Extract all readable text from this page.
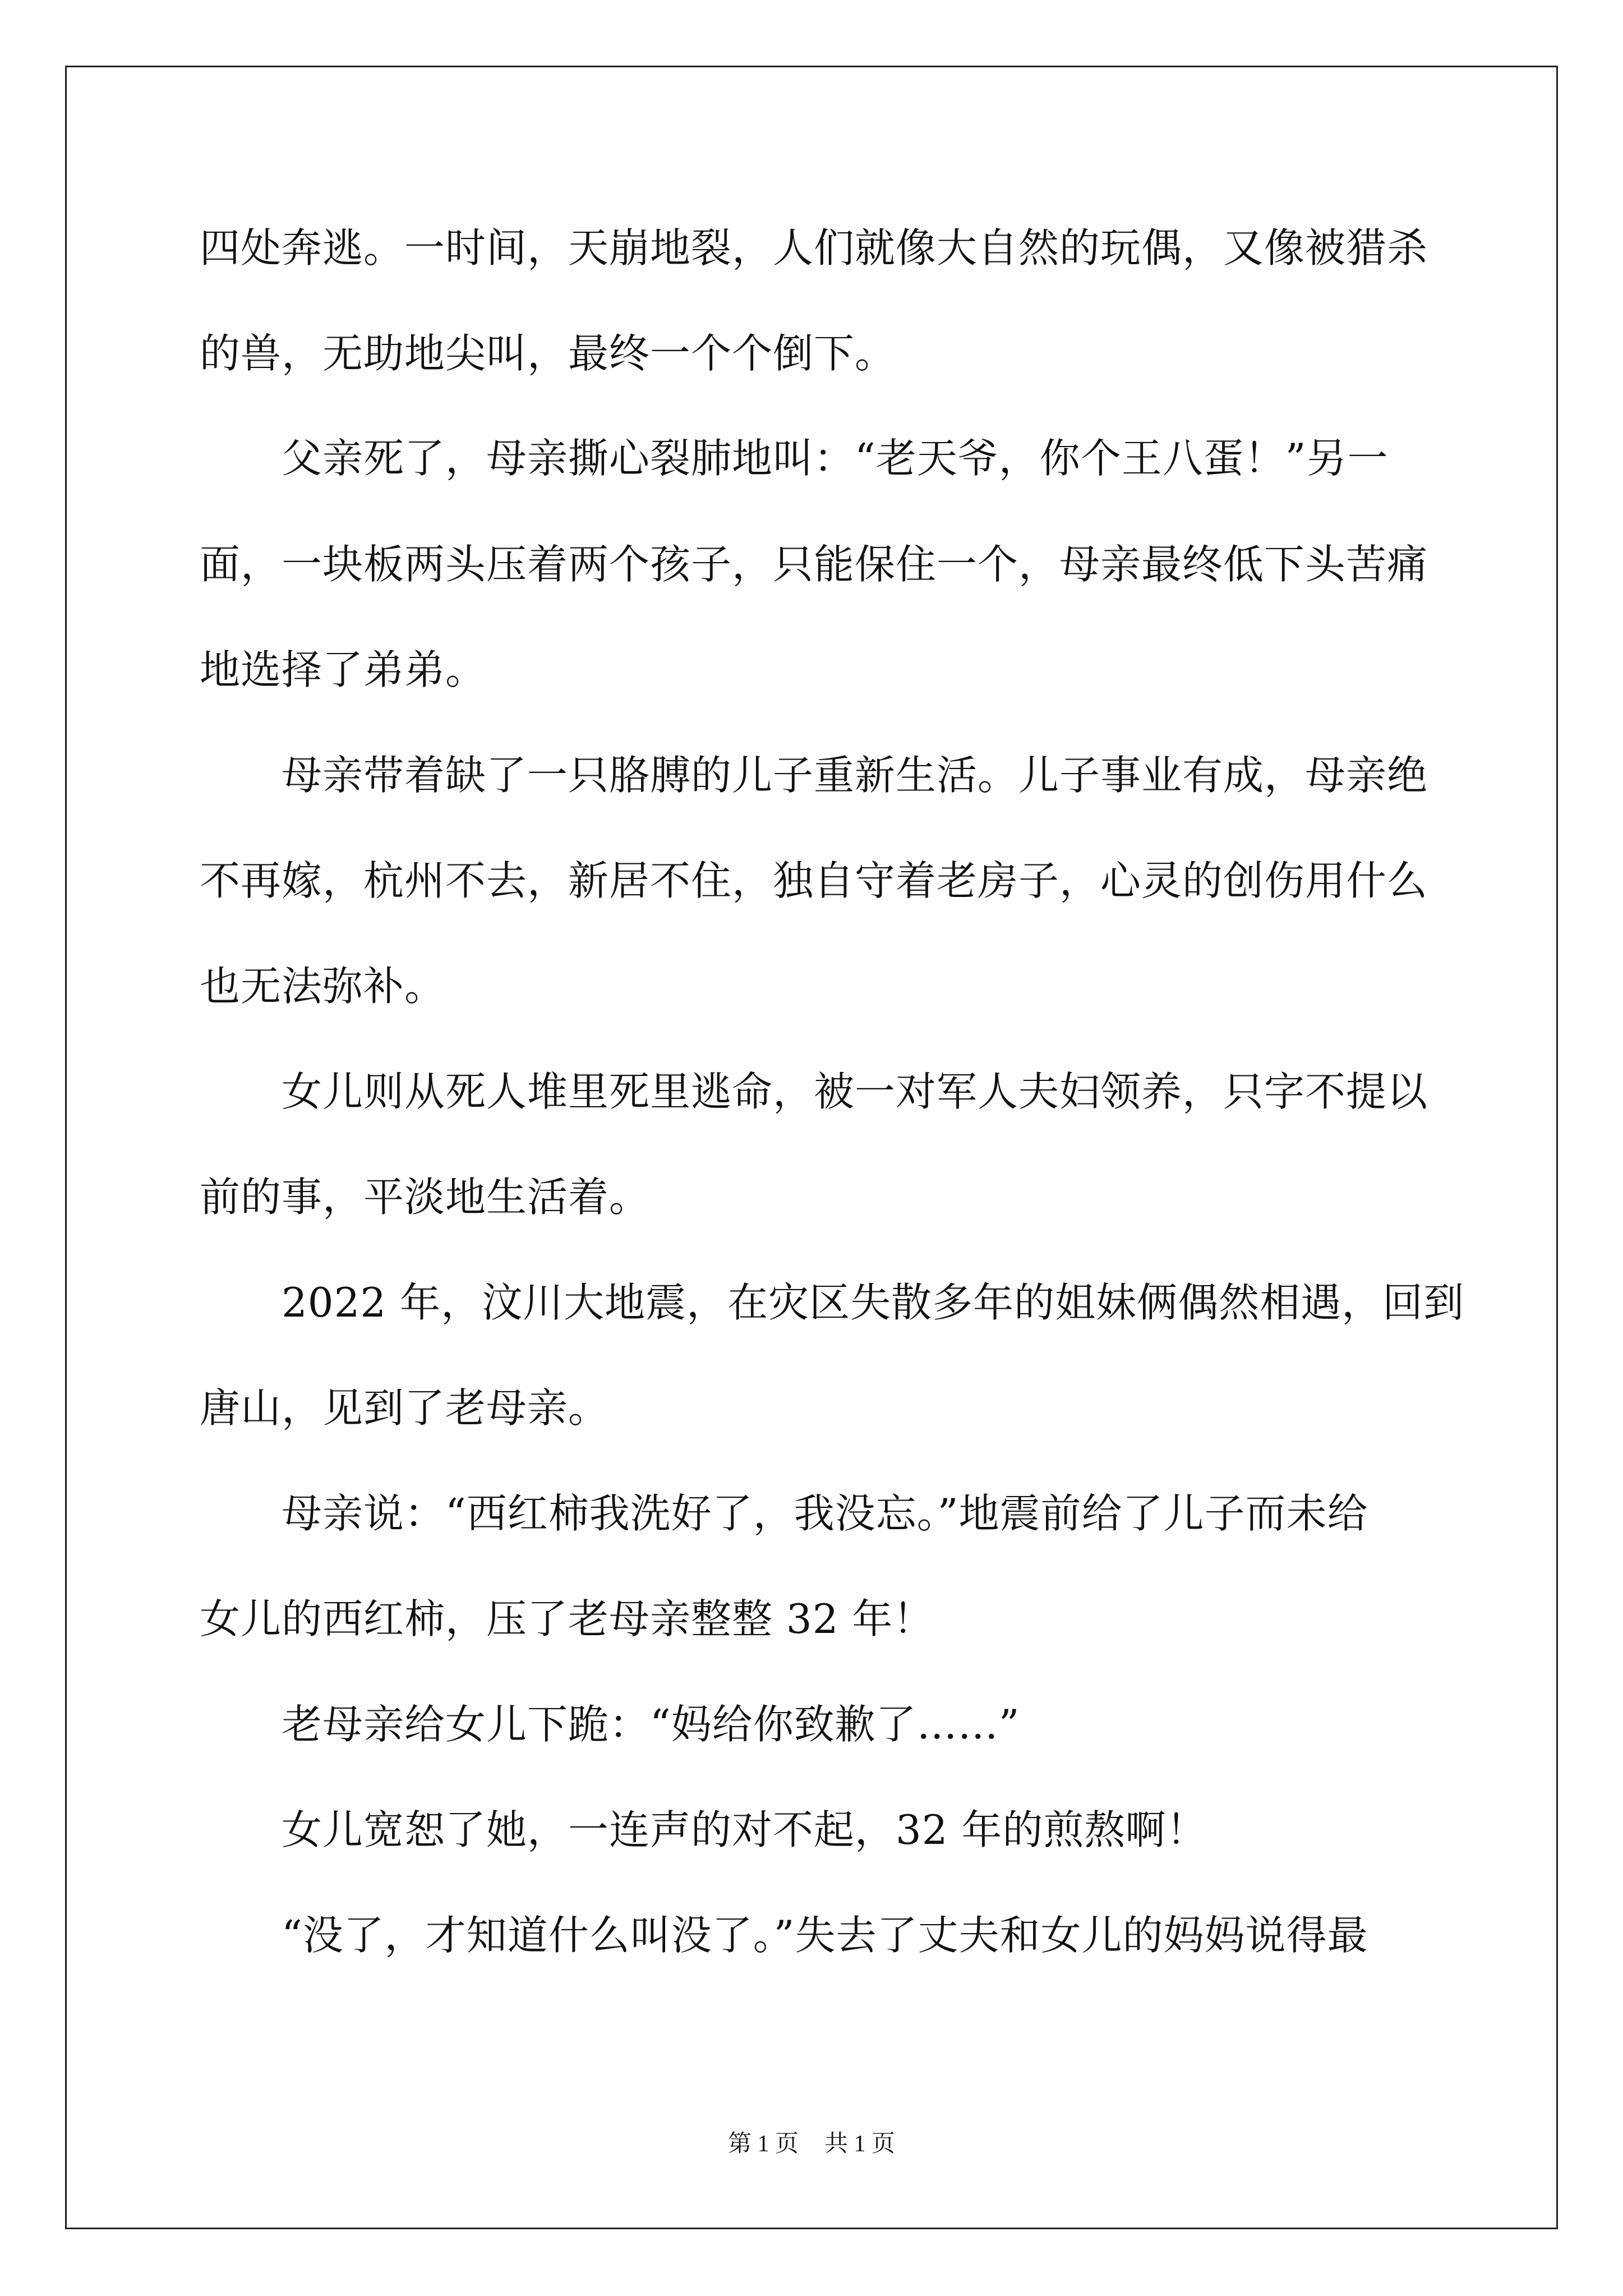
四处奔逃。一时间，天崩地裂，人们就像大自然的玩偶，又像被猎杀
的兽，无助地尖叫，最终一个个倒下。
父亲死了，母亲撕心裂肺地叫：“老天爷，你个王八蛋！”另一
面，一块板两头压着两个孩子，只能保住一个，母亲最终低下头苦痛
地选择了弟弟。
母亲带着缺了一只胳膊的儿子重新生活。儿子事业有成，母亲绝
不再嫁，杭州不去，新居不住，独自守着老房子，心灵的创伤用什么
也无法弥补。
女儿则从死人堆里死里逃命，被一对军人夫妇领养，只字不提以
前的事，平淡地生活着。
2022 年，汶川大地震，在灾区失散多年的姐妹俩偶然相遇，回到
唐山，见到了老母亲。
母亲说：“西红柿我洗好了，我没忘。”地震前给了儿子而未给
女儿的西红柿，压了老母亲整整 32 年！
老母亲给女儿下跪：“妈给你致歉了……”
女儿宽恕了她，一连声的对不起，32 年的煎熬啊！
“没了，才知道什么叫没了。”失去了丈夫和女儿的妈妈说得最
第 1 页 共 1 页
